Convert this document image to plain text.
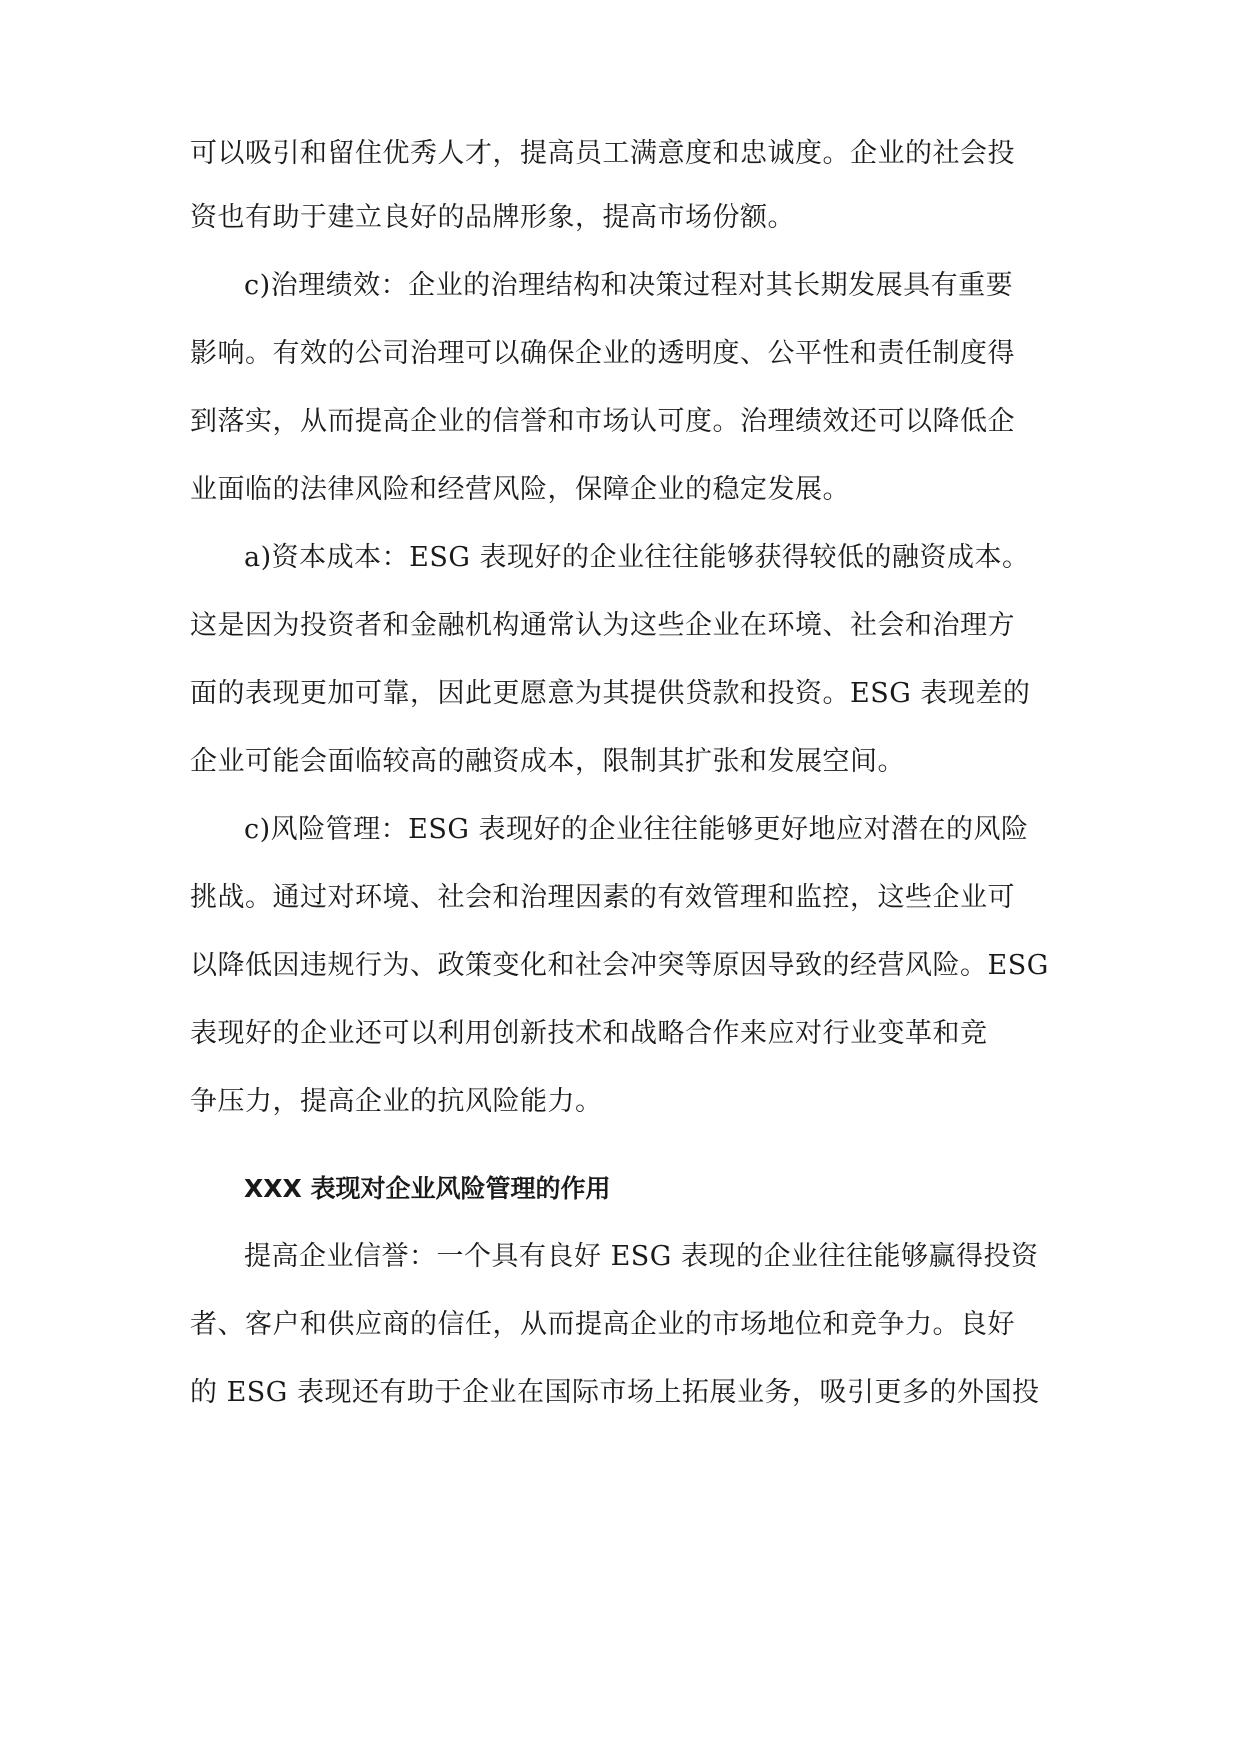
可以吸引和留住优秀人才，提高员工满意度和忠诚度。企业的社会投
资也有助于建立良好的品牌形象，提高市场份额。
c)治理绩效：企业的治理结构和决策过程对其长期发展具有重要
影响。有效的公司治理可以确保企业的透明度、公平性和责任制度得
到落实，从而提高企业的信誉和市场认可度。治理绩效还可以降低企
业面临的法律风险和经营风险，保障企业的稳定发展。
a)资本成本：ESG 表现好的企业往往能够获得较低的融资成本。
这是因为投资者和金融机构通常认为这些企业在环境、社会和治理方
面的表现更加可靠，因此更愿意为其提供贷款和投资。ESG 表现差的
企业可能会面临较高的融资成本，限制其扩张和发展空间。
c)风险管理：ESG 表现好的企业往往能够更好地应对潜在的风险
挑战。通过对环境、社会和治理因素的有效管理和监控，这些企业可
以降低因违规行为、政策变化和社会冲突等原因导致的经营风险。ESG
表现好的企业还可以利用创新技术和战略合作来应对行业变革和竞
争压力，提高企业的抗风险能力。
XXX 表现对企业风险管理的作用
提高企业信誉：一个具有良好 ESG 表现的企业往往能够赢得投资
者、客户和供应商的信任，从而提高企业的市场地位和竞争力。良好
的 ESG 表现还有助于企业在国际市场上拓展业务，吸引更多的外国投
